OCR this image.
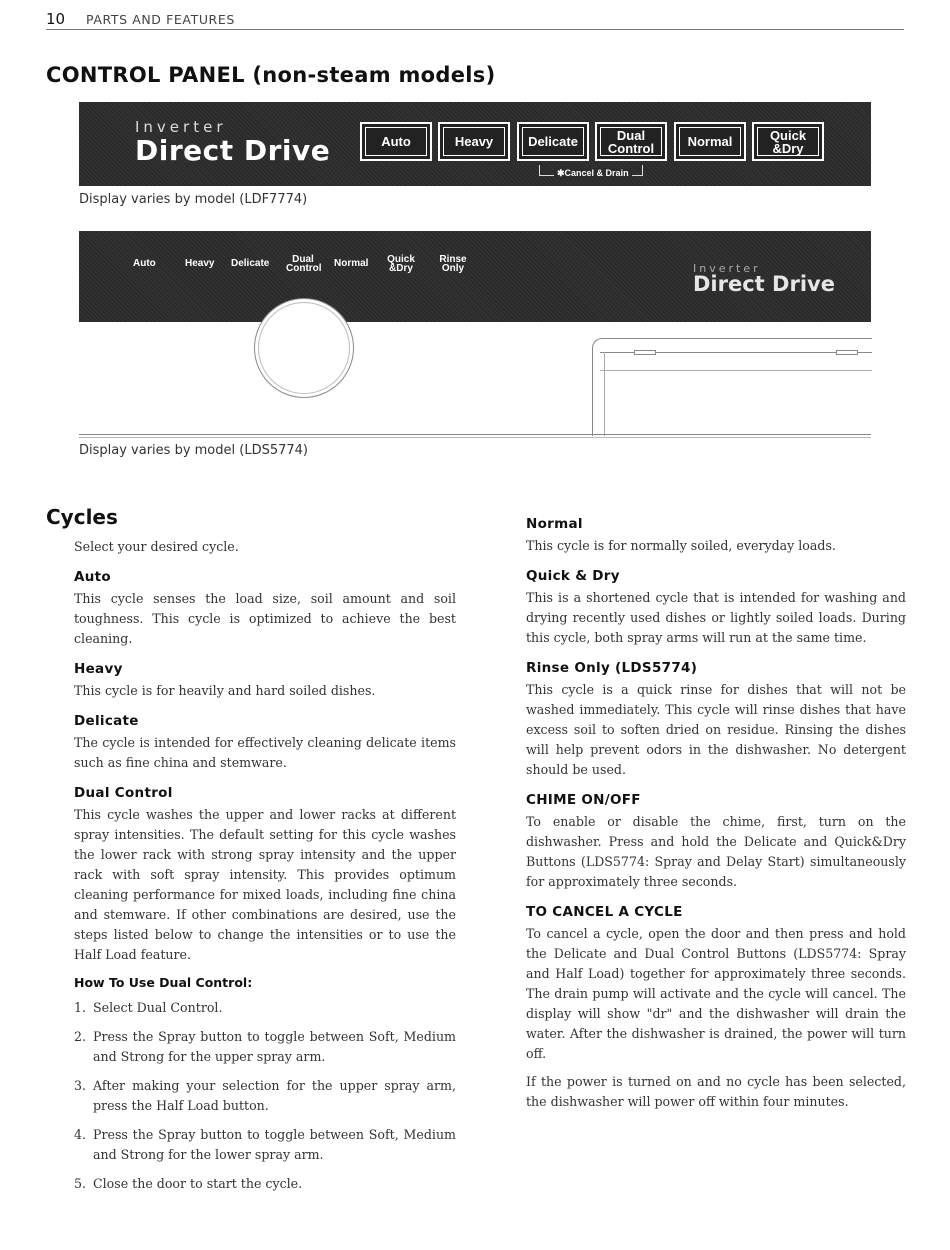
10 PARTS AND FEATURES
CONTROL PANEL (non-steam models)
Inverter
Direct Drive	Auto	Heavy	Delicate	Dual Control	Normal	Quick &Dry
✱Cancel & Drain
Display varies by model (LDF7774)
Auto	Heavy Delicate	Dual Control Normal Quick &Dry
Rinse Only	Inverter
Direct Drive
Display varies by model (LDS5774)
Cycles

Select your desired cycle.

Auto

This cycle senses the load size, soil amount and soil toughness. This cycle is optimized to achieve the best cleaning.

Heavy

This cycle is for heavily and hard soiled dishes.

Delicate

The cycle is intended for effectively cleaning delicate items such as fine china and stemware.

Dual Control

This cycle washes the upper and lower racks at different spray intensities. The default setting for this cycle washes the lower rack with strong spray intensity and the upper rack with soft spray intensity. This provides optimum cleaning performance for mixed loads, including fine china and stemware. If other combinations are desired, use the steps listed below to change the intensities or to use the Half Load feature.

How To Use Dual Control:
1. Select Dual Control.
2. Press the Spray button to toggle between Soft, Medium and Strong for the upper spray arm.
3. After making your selection for the upper spray arm, press the Half Load button.
4. Press the Spray button to toggle between Soft, Medium and Strong for the lower spray arm.
5. Close the door to start the cycle.
Normal

This cycle is for normally soiled, everyday loads.

Quick & Dry

This is a shortened cycle that is intended for washing and drying recently used dishes or lightly soiled loads. During this cycle, both spray arms will run at the same time.

Rinse Only (LDS5774)

This cycle is a quick rinse for dishes that will not be washed immediately. This cycle will rinse dishes that have excess soil to soften dried on residue. Rinsing the dishes will help prevent odors in the dishwasher. No detergent should be used.

CHIME ON/OFF

To enable or disable the chime, first, turn on the dishwasher. Press and hold the Delicate and Quick&Dry Buttons (LDS5774: Spray and Delay Start) simultaneously for approximately three seconds.

TO CANCEL A CYCLE

To cancel a cycle, open the door and then press and hold the Delicate and Dual Control Buttons (LDS5774: Spray and Half Load) together for approximately three seconds. The drain pump will activate and the cycle will cancel. The display will show "dr" and the dishwasher will drain the water. After the dishwasher is drained, the power will turn off.

If the power is turned on and no cycle has been selected, the dishwasher will power off within four minutes.
